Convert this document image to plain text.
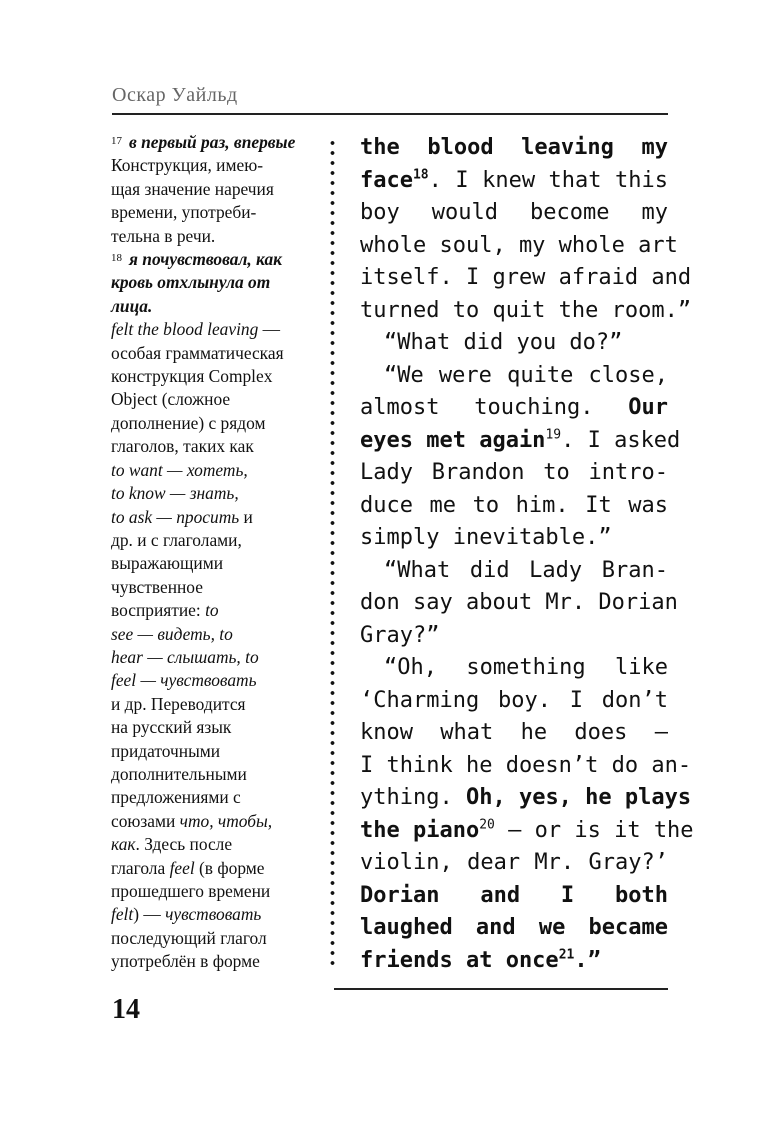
Оскар Уайльд
$^{17}$ в первый раз, впервые
Конструкция, имею-
щая значение наречия
времени, употреби-
тельна в речи.
$^{18}$ я почувствовал, как
кровь отхлынула от
лица.
felt the blood leaving —
особая грамматическая
конструкция Complex
Object (сложное
дополнение) с рядом
глаголов, таких как
to want — хотеть,
to know — знать,
to ask — просить и
др. и с глаголами,
выражающими
чувственное
восприятие: to
see — видеть, to
hear — слышать, to
feel — чувствовать
и др. Переводится
на русский язык
придаточными
дополнительными
предложениями с
союзами что, чтобы,
как. Здесь после
глагола feel (в форме
прошедшего времени
felt) — чувствовать
последующий глагол
употреблён в форме
the blood leaving my
face$^{18}$. I knew that this
boy would become my
whole soul, my whole art
itself. I grew afraid and
turned to quit the room.”
“What did you do?”
“We were quite close,
almost touching. Our
eyes met again$^{19}$. I asked
Lady Brandon to intro-
duce me to him. It was
simply inevitable.”
“What did Lady Bran-
don say about Mr. Dorian
Gray?”
“Oh, something like
‘Charming boy. I don’t
know what he does —
I think he doesn’t do an-
ything. Oh, yes, he plays
the piano$^{20}$ — or is it the
violin, dear Mr. Gray?’
Dorian and I both
laughed and we became
friends at once$^{21}$.”
14
